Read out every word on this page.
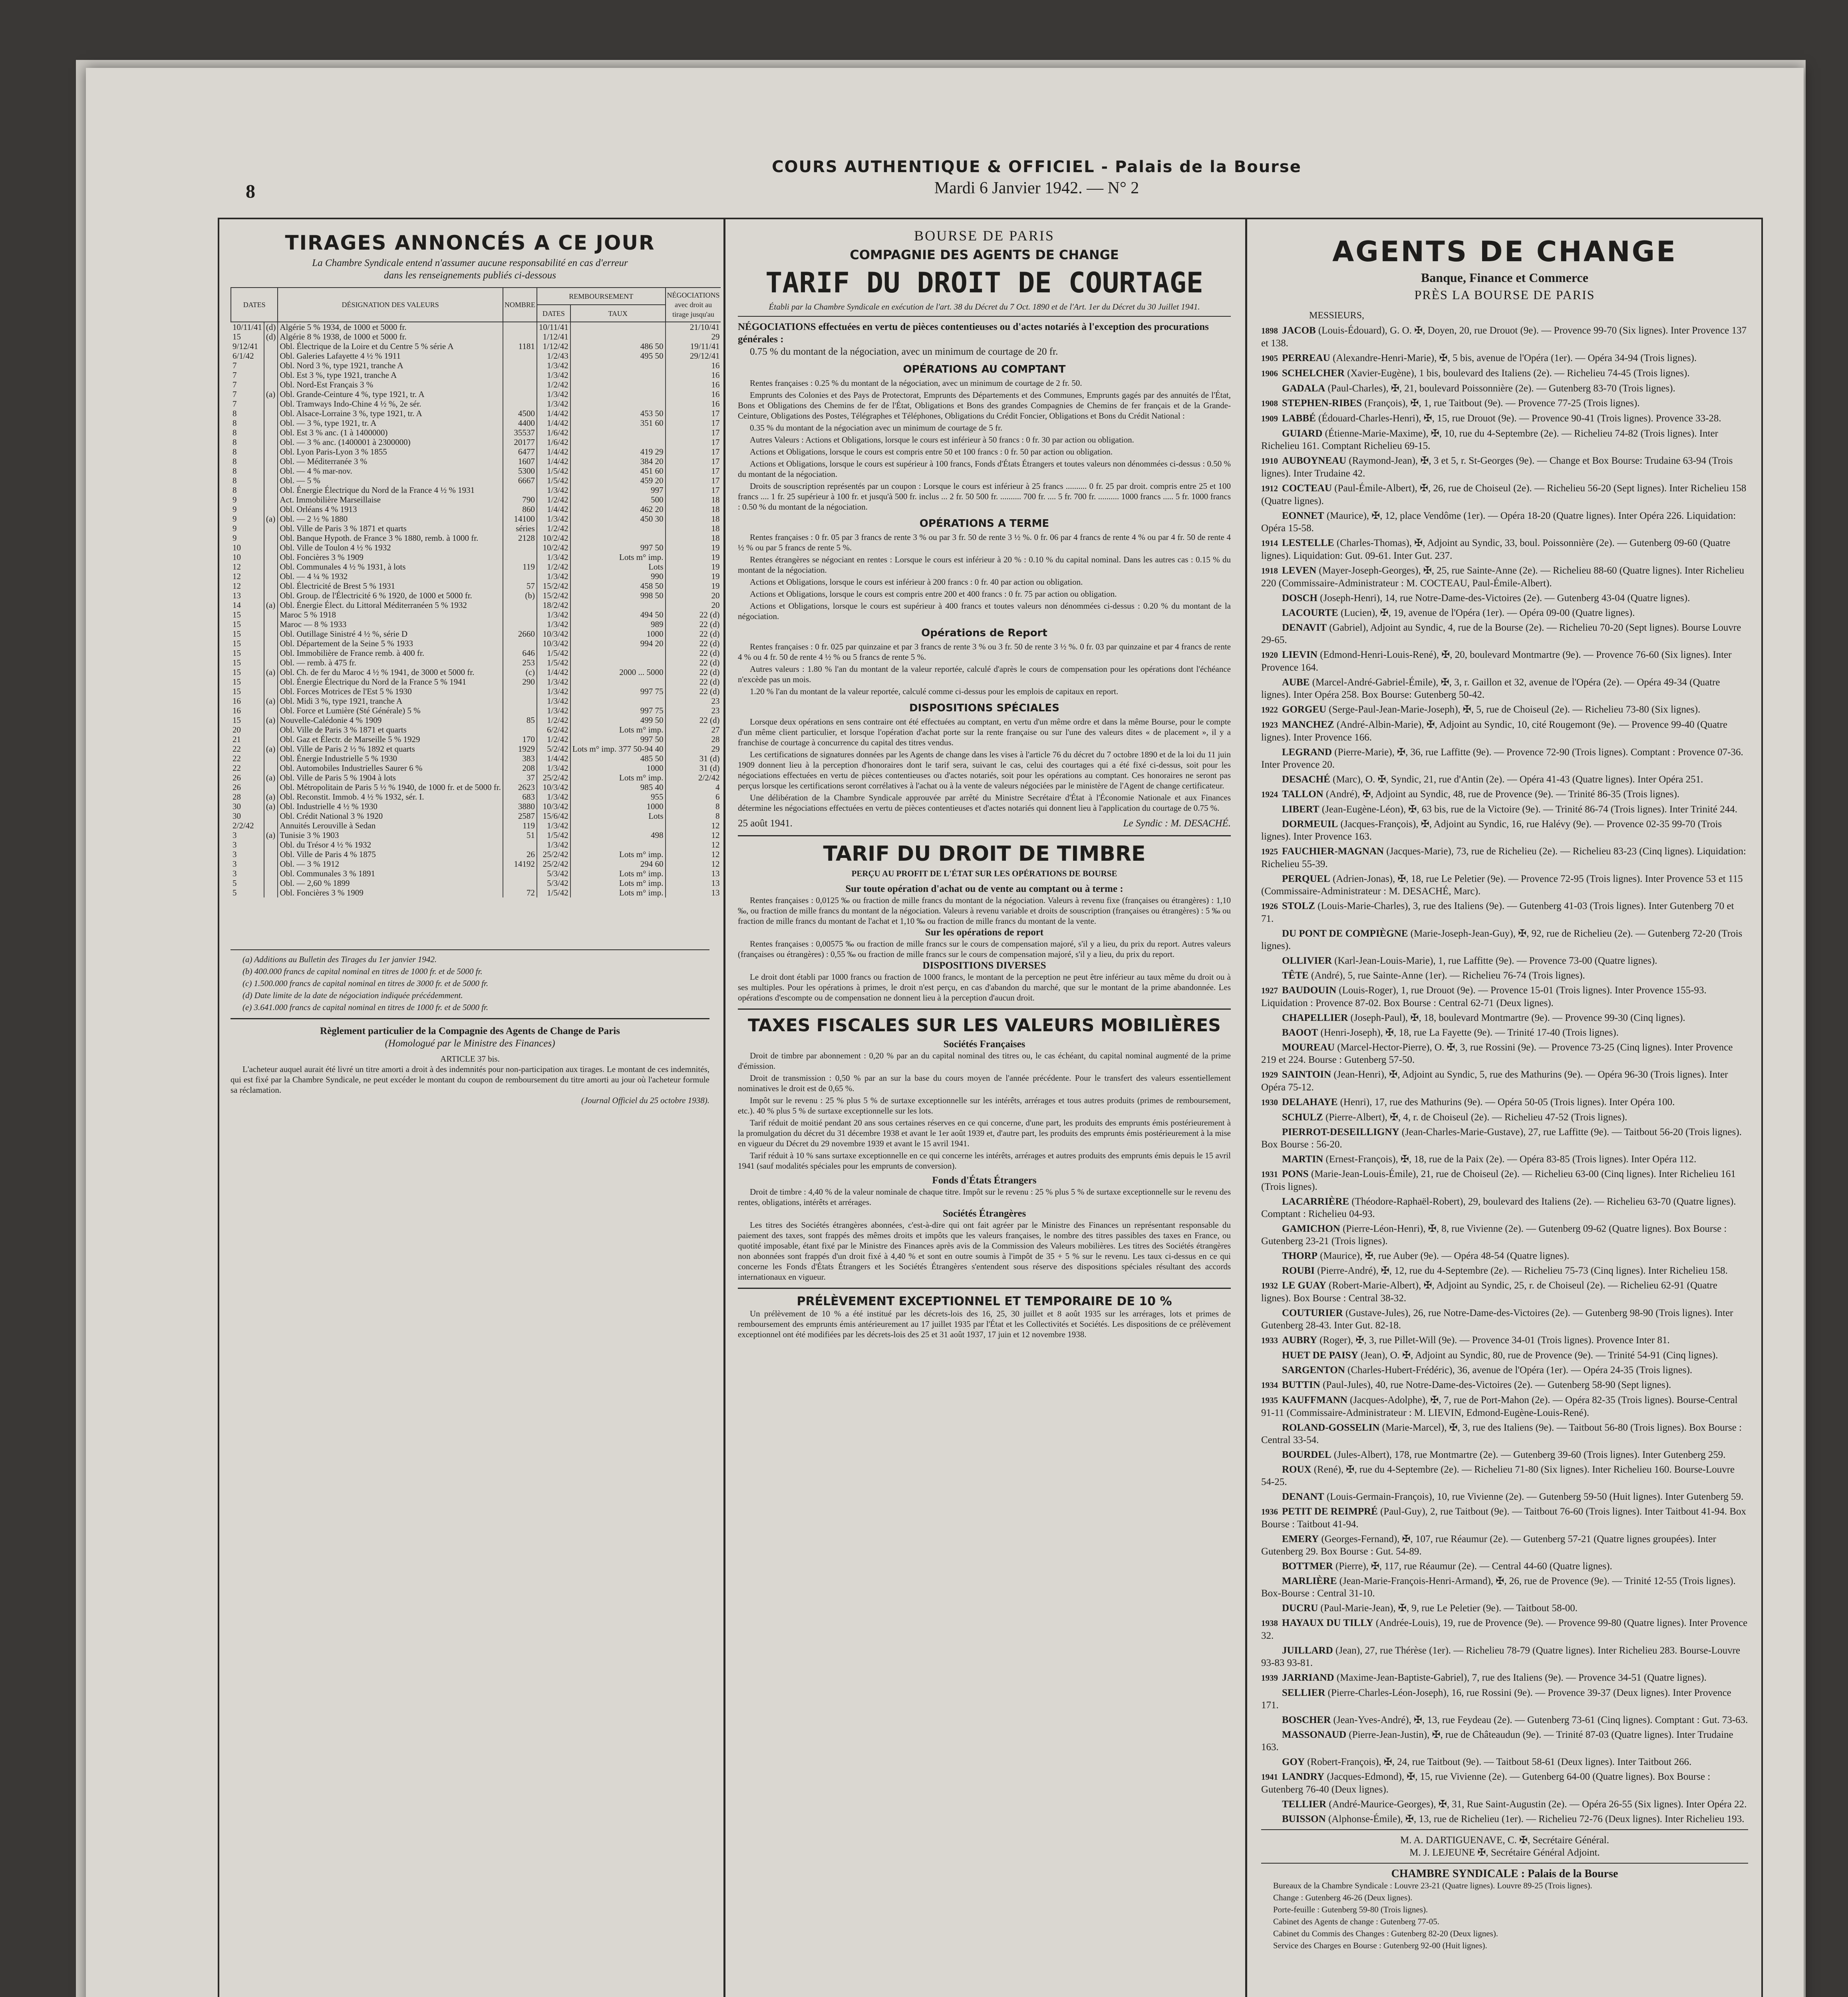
8
COURS AUTHENTIQUE & OFFICIEL - Palais de la Bourse
Mardi 6 Janvier 1942. — N° 2
TIRAGES ANNONCÉS A CE JOUR
La Chambre Syndicale entend n'assumer aucune responsabilité en cas d'erreur
dans les renseignements publiés ci-dessous
DATES		DÉSIGNATION DES VALEURS	NOMBRE	REMBOURSEMENT		NÉGOCIATIONS avec droit au tirage jusqu'au
				DATES	TAUX	
10/11/41	(d)	Algérie 5 % 1934, de 1000 et 5000 fr.		10/11/41		21/10/41
15	(d)	Algérie 8 % 1938, de 1000 et 5000 fr.		1/12/41		29
9/12/41		Obl. Électrique de la Loire et du Centre 5 % série A	1181	1/12/42	486 50	19/11/41
6/1/42		Obl. Galeries Lafayette 4 ½ % 1911		1/2/43	495 50	29/12/41
7		Obl. Nord 3 %, type 1921, tranche A		1/3/42		16
7		Obl. Est 3 %, type 1921, tranche A		1/3/42		16
7		Obl. Nord-Est Français 3 %		1/2/42		16
7	(a)	Obl. Grande-Ceinture 4 %, type 1921, tr. A		1/3/42		16
7		Obl. Tramways Indo-Chine 4 ½ %, 2e sér.		1/3/42		16
8		Obl. Alsace-Lorraine 3 %, type 1921, tr. A	4500	1/4/42	453 50	17
8		Obl. — 3 %, type 1921, tr. A	4400	1/4/42	351 60	17
8		Obl. Est 3 % anc. (1 à 1400000)	35537	1/6/42		17
8		Obl. — 3 % anc. (1400001 à 2300000)	20177	1/6/42		17
8		Obl. Lyon Paris-Lyon 3 % 1855	6477	1/4/42	419 29	17
8		Obl. — Méditerranée 3 %	1607	1/4/42	384 20	17
8		Obl. — 4 % mar-nov.	5300	1/5/42	451 60	17
8		Obl. — 5 %	6667	1/5/42	459 20	17
8		Obl. Énergie Électrique du Nord de la France 4 ½ % 1931		1/3/42	997	17
9		Act. Immobilière Marseillaise	790	1/2/42	500	18
9		Obl. Orléans 4 % 1913	860	1/4/42	462 20	18
9	(a)	Obl. — 2 ½ % 1880	14100	1/3/42	450 30	18
9		Obl. Ville de Paris 3 % 1871 et quarts	séries	1/2/42		18
9		Obl. Banque Hypoth. de France 3 % 1880, remb. à 1000 fr.	2128	10/2/42		18
10		Obl. Ville de Toulon 4 ½ % 1932		10/2/42	997 50	19
10		Obl. Foncières 3 % 1909		1/3/42	Lots m° imp.	19
12		Obl. Communales 4 ½ % 1931, à lots	119	1/2/42	Lots	19
12		Obl. — 4 ¼ % 1932		1/3/42	990	19
12		Obl. Électricité de Brest 5 % 1931	57	15/2/42	458 50	19
13		Obl. Group. de l'Électricité 6 % 1920, de 1000 et 5000 fr.	(b)	15/2/42	998 50	20
14	(a)	Obl. Énergie Élect. du Littoral Méditerranéen 5 % 1932		18/2/42		20
15		Maroc 5 % 1918		1/3/42	494 50	22 (d)
15		Maroc — 8 % 1933		1/3/42	989	22 (d)
15		Obl. Outillage Sinistré 4 ½ %, série D	2660	10/3/42	1000	22 (d)
15		Obl. Département de la Seine 5 % 1933		10/3/42	994 20	22 (d)
15		Obl. Immobilière de France remb. à 400 fr.	646	1/5/42		22 (d)
15		Obl. — remb. à 475 fr.	253	1/5/42		22 (d)
15	(a)	Obl. Ch. de fer du Maroc 4 ½ % 1941, de 3000 et 5000 fr.	(c)	1/4/42	2000 ... 5000	22 (d)
15		Obl. Énergie Électrique du Nord de la France 5 % 1941	290	1/3/42		22 (d)
15		Obl. Forces Motrices de l'Est 5 % 1930		1/3/42	997 75	22 (d)
16	(a)	Obl. Midi 3 %, type 1921, tranche A		1/3/42		23
16		Obl. Force et Lumière (Sté Générale) 5 %		1/3/42	997 75	23
15	(a)	Nouvelle-Calédonie 4 % 1909	85	1/2/42	499 50	22 (d)
20		Obl. Ville de Paris 3 % 1871 et quarts		6/2/42	Lots m° imp.	27
21		Obl. Gaz et Électr. de Marseille 5 % 1929	170	1/2/42	997 50	28
22	(a)	Obl. Ville de Paris 2 ½ % 1892 et quarts	1929	5/2/42	Lots m° imp. 377 50-94 40	29
22		Obl. Énergie Industrielle 5 % 1930	383	1/4/42	485 50	31 (d)
22		Obl. Automobiles Industrielles Saurer 6 %	208	1/3/42	1000	31 (d)
26	(a)	Obl. Ville de Paris 5 % 1904 à lots	37	25/2/42	Lots m° imp.	2/2/42
26		Obl. Métropolitain de Paris 5 ½ % 1940, de 1000 fr. et de 5000 fr.	2623	10/3/42	985 40	4
28	(a)	Obl. Reconstit. Immob. 4 ½ % 1932, sér. I.	683	1/3/42	955	6
30	(a)	Obl. Industrielle 4 ½ % 1930	3880	10/3/42	1000	8
30		Obl. Crédit National 3 % 1920	2587	15/6/42	Lots	8
2/2/42		Annuités Lerouville à Sedan	119	1/3/42		12
3	(a)	Tunisie 3 % 1903	51	1/5/42	498	12
3		Obl. du Trésor 4 ½ % 1932		1/3/42		12
3		Obl. Ville de Paris 4 % 1875	26	25/2/42	Lots m° imp.	12
3		Obl. — 3 % 1912	14192	25/2/42	294 60	12
3		Obl. Communales 3 % 1891		5/3/42	Lots m° imp.	13
5		Obl. — 2,60 % 1899		5/3/42	Lots m° imp.	13
5		Obl. Foncières 3 % 1909	72	1/5/42	Lots m° imp.	13

(a) Additions au Bulletin des Tirages du 1er janvier 1942.

(b) 400.000 francs de capital nominal en titres de 1000 fr. et de 5000 fr.

(c) 1.500.000 francs de capital nominal en titres de 3000 fr. et de 5000 fr.

(d) Date limite de la date de négociation indiquée précédemment.

(e) 3.641.000 francs de capital nominal en titres de 1000 fr. et de 5000 fr.

Règlement particulier de la Compagnie des Agents de Change de Paris
(Homologué par le Ministre des Finances)
ARTICLE 37 bis.

L'acheteur auquel aurait été livré un titre amorti a droit à des indemnités pour non-participation aux tirages. Le montant de ces indemnités, qui est fixé par la Chambre Syndicale, ne peut excéder le montant du coupon de remboursement du titre amorti au jour où l'acheteur formule sa réclamation.

(Journal Officiel du 25 octobre 1938).
BOURSE DE PARIS
COMPAGNIE DES AGENTS DE CHANGE
TARIF DU DROIT DE COURTAGE
Établi par la Chambre Syndicale en exécution de l'art. 38 du Décret du 7 Oct. 1890 et de l'Art. 1er du Décret du 30 Juillet 1941.
NÉGOCIATIONS effectuées en vertu de pièces contentieuses ou d'actes notariés à l'exception des procurations générales :
0.75 % du montant de la négociation, avec un minimum de courtage de 20 fr.
OPÉRATIONS AU COMPTANT

Rentes françaises : 0.25 % du montant de la négociation, avec un minimum de courtage de 2 fr. 50.

Emprunts des Colonies et des Pays de Protectorat, Emprunts des Départements et des Communes, Emprunts gagés par des annuités de l'État, Bons et Obligations des Chemins de fer de l'État, Obligations et Bons des grandes Compagnies de Chemins de fer français et de la Grande-Ceinture, Obligations des Postes, Télégraphes et Téléphones, Obligations du Crédit Foncier, Obligations et Bons du Crédit National :

0.35 % du montant de la négociation avec un minimum de courtage de 5 fr.

Autres Valeurs : Actions et Obligations, lorsque le cours est inférieur à 50 francs : 0 fr. 30 par action ou obligation.

Actions et Obligations, lorsque le cours est compris entre 50 et 100 francs : 0 fr. 50 par action ou obligation.

Actions et Obligations, lorsque le cours est supérieur à 100 francs, Fonds d'États Étrangers et toutes valeurs non dénommées ci-dessus : 0.50 % du montant de la négociation.

Droits de souscription représentés par un coupon : Lorsque le cours est inférieur à 25 francs .......... 0 fr. 25 par droit. compris entre 25 et 100 francs .... 1 fr. 25 supérieur à 100 fr. et jusqu'à 500 fr. inclus ... 2 fr. 50 500 fr. .......... 700 fr. .... 5 fr. 700 fr. .......... 1000 francs ..... 5 fr. 1000 francs : 0.50 % du montant de la négociation.

OPÉRATIONS A TERME

Rentes françaises : 0 fr. 05 par 3 francs de rente 3 % ou par 3 fr. 50 de rente 3 ½ %. 0 fr. 06 par 4 francs de rente 4 % ou par 4 fr. 50 de rente 4 ½ % ou par 5 francs de rente 5 %.

Rentes étrangères se négociant en rentes : Lorsque le cours est inférieur à 20 % : 0.10 % du capital nominal. Dans les autres cas : 0.15 % du montant de la négociation.

Actions et Obligations, lorsque le cours est inférieur à 200 francs : 0 fr. 40 par action ou obligation.

Actions et Obligations, lorsque le cours est compris entre 200 et 400 francs : 0 fr. 75 par action ou obligation.

Actions et Obligations, lorsque le cours est supérieur à 400 francs et toutes valeurs non dénommées ci-dessus : 0.20 % du montant de la négociation.

Opérations de Report

Rentes françaises : 0 fr. 025 par quinzaine et par 3 francs de rente 3 % ou 3 fr. 50 de rente 3 ½ %. 0 fr. 03 par quinzaine et par 4 francs de rente 4 % ou 4 fr. 50 de rente 4 ½ % ou 5 francs de rente 5 %.

Autres valeurs : 1.80 % l'an du montant de la valeur reportée, calculé d'après le cours de compensation pour les opérations dont l'échéance n'excède pas un mois.

1.20 % l'an du montant de la valeur reportée, calculé comme ci-dessus pour les emplois de capitaux en report.

DISPOSITIONS SPÉCIALES

Lorsque deux opérations en sens contraire ont été effectuées au comptant, en vertu d'un même ordre et dans la même Bourse, pour le compte d'un même client particulier, et lorsque l'opération d'achat porte sur la rente française ou sur l'une des valeurs dites « de placement », il y a franchise de courtage à concurrence du capital des titres vendus.

Les certifications de signatures données par les Agents de change dans les vises à l'article 76 du décret du 7 octobre 1890 et de la loi du 11 juin 1909 donnent lieu à la perception d'honoraires dont le tarif sera, suivant le cas, celui des courtages qui a été fixé ci-dessus, soit pour les négociations effectuées en vertu de pièces contentieuses ou d'actes notariés, soit pour les opérations au comptant. Ces honoraires ne seront pas perçus lorsque les certifications seront corrélatives à l'achat ou à la vente de valeurs négociées par le ministère de l'Agent de change certificateur.

Une délibération de la Chambre Syndicale approuvée par arrêté du Ministre Secrétaire d'État à l'Économie Nationale et aux Finances détermine les négociations effectuées en vertu de pièces contentieuses et d'actes notariés qui donnent lieu à l'application du courtage de 0.75 %.

25 août 1941.	Le Syndic : M. DESACHÉ.
TARIF DU DROIT DE TIMBRE
PERÇU AU PROFIT DE L'ÉTAT SUR LES OPÉRATIONS DE BOURSE
Sur toute opération d'achat ou de vente au comptant ou à terme :

Rentes françaises : 0,0125 ‰ ou fraction de mille francs du montant de la négociation. Valeurs à revenu fixe (françaises ou étrangères) : 1,10 ‰, ou fraction de mille francs du montant de la négociation. Valeurs à revenu variable et droits de souscription (françaises ou étrangères) : 5 ‰ ou fraction de mille francs du montant de l'achat et 1,10 ‰ ou fraction de mille francs du montant de la vente.

Sur les opérations de report

Rentes françaises : 0,00575 ‰ ou fraction de mille francs sur le cours de compensation majoré, s'il y a lieu, du prix du report. Autres valeurs (françaises ou étrangères) : 0,55 ‰ ou fraction de mille francs sur le cours de compensation majoré, s'il y a lieu, du prix du report.

DISPOSITIONS DIVERSES

Le droit dont établi par 1000 francs ou fraction de 1000 francs, le montant de la perception ne peut être inférieur au taux même du droit ou à ses multiples. Pour les opérations à primes, le droit n'est perçu, en cas d'abandon du marché, que sur le montant de la prime abandonnée. Les opérations d'escompte ou de compensation ne donnent lieu à la perception d'aucun droit.

TAXES FISCALES SUR LES VALEURS MOBILIÈRES
Sociétés Françaises

Droit de timbre par abonnement : 0,20 % par an du capital nominal des titres ou, le cas échéant, du capital nominal augmenté de la prime d'émission.

Droit de transmission : 0,50 % par an sur la base du cours moyen de l'année précédente. Pour le transfert des valeurs essentiellement nominatives le droit est de 0,65 %.

Impôt sur le revenu : 25 % plus 5 % de surtaxe exceptionnelle sur les intérêts, arrérages et tous autres produits (primes de remboursement, etc.). 40 % plus 5 % de surtaxe exceptionnelle sur les lots.

Tarif réduit de moitié pendant 20 ans sous certaines réserves en ce qui concerne, d'une part, les produits des emprunts émis postérieurement à la promulgation du décret du 31 décembre 1938 et avant le 1er août 1939 et, d'autre part, les produits des emprunts émis postérieurement à la mise en vigueur du Décret du 29 novembre 1939 et avant le 15 avril 1941.

Tarif réduit à 10 % sans surtaxe exceptionnelle en ce qui concerne les intérêts, arrérages et autres produits des emprunts émis depuis le 15 avril 1941 (sauf modalités spéciales pour les emprunts de conversion).

Fonds d'États Étrangers

Droit de timbre : 4,40 % de la valeur nominale de chaque titre. Impôt sur le revenu : 25 % plus 5 % de surtaxe exceptionnelle sur le revenu des rentes, obligations, intérêts et arrérages.

Sociétés Étrangères

Les titres des Sociétés étrangères abonnées, c'est-à-dire qui ont fait agréer par le Ministre des Finances un représentant responsable du paiement des taxes, sont frappés des mêmes droits et impôts que les valeurs françaises, le nombre des titres passibles des taxes en France, ou quotité imposable, étant fixé par le Ministre des Finances après avis de la Commission des Valeurs mobilières. Les titres des Sociétés étrangères non abonnées sont frappés d'un droit fixé à 4,40 % et sont en outre soumis à l'impôt de 35 + 5 % sur le revenu. Les taux ci-dessus en ce qui concerne les Fonds d'États Étrangers et les Sociétés Étrangères s'entendent sous réserve des dispositions spéciales résultant des accords internationaux en vigueur.

PRÉLÈVEMENT EXCEPTIONNEL ET TEMPORAIRE DE 10 %

Un prélèvement de 10 % a été institué par les décrets-lois des 16, 25, 30 juillet et 8 août 1935 sur les arrérages, lots et primes de remboursement des emprunts émis antérieurement au 17 juillet 1935 par l'État et les Collectivités et Sociétés. Les dispositions de ce prélèvement exceptionnel ont été modifiées par les décrets-lois des 25 et 31 août 1937, 17 juin et 12 novembre 1938.

AGENTS DE CHANGE
Banque, Finance et Commerce
PRÈS LA BOURSE DE PARIS
MESSIEURS,
1898 JACOB (Louis-Édouard), G. O. ✠, Doyen, 20, rue Drouot (9e). — Provence 99-70 (Six lignes). Inter Provence 137 et 138.
1905 PERREAU (Alexandre-Henri-Marie), ✠, 5 bis, avenue de l'Opéra (1er). — Opéra 34-94 (Trois lignes).
1906 SCHELCHER (Xavier-Eugène), 1 bis, boulevard des Italiens (2e). — Richelieu 74-45 (Trois lignes).
GADALA (Paul-Charles), ✠, 21, boulevard Poissonnière (2e). — Gutenberg 83-70 (Trois lignes).
1908 STEPHEN-RIBES (François), ✠, 1, rue Taitbout (9e). — Provence 77-25 (Trois lignes).
1909 LABBÉ (Édouard-Charles-Henri), ✠, 15, rue Drouot (9e). — Provence 90-41 (Trois lignes). Provence 33-28.
GUIARD (Étienne-Marie-Maxime), ✠, 10, rue du 4-Septembre (2e). — Richelieu 74-82 (Trois lignes). Inter Richelieu 161. Comptant Richelieu 69-15.
1910 AUBOYNEAU (Raymond-Jean), ✠, 3 et 5, r. St-Georges (9e). — Change et Box Bourse: Trudaine 63-94 (Trois lignes). Inter Trudaine 42.
1912 COCTEAU (Paul-Émile-Albert), ✠, 26, rue de Choiseul (2e). — Richelieu 56-20 (Sept lignes). Inter Richelieu 158 (Quatre lignes).
EONNET (Maurice), ✠, 12, place Vendôme (1er). — Opéra 18-20 (Quatre lignes). Inter Opéra 226. Liquidation: Opéra 15-58.
1914 LESTELLE (Charles-Thomas), ✠, Adjoint au Syndic, 33, boul. Poissonnière (2e). — Gutenberg 09-60 (Quatre lignes). Liquidation: Gut. 09-61. Inter Gut. 237.
1918 LEVEN (Mayer-Joseph-Georges), ✠, 25, rue Sainte-Anne (2e). — Richelieu 88-60 (Quatre lignes). Inter Richelieu 220 (Commissaire-Administrateur : M. COCTEAU, Paul-Émile-Albert).
DOSCH (Joseph-Henri), 14, rue Notre-Dame-des-Victoires (2e). — Gutenberg 43-04 (Quatre lignes).
LACOURTE (Lucien), ✠, 19, avenue de l'Opéra (1er). — Opéra 09-00 (Quatre lignes).
DENAVIT (Gabriel), Adjoint au Syndic, 4, rue de la Bourse (2e). — Richelieu 70-20 (Sept lignes). Bourse Louvre 29-65.
1920 LIEVIN (Edmond-Henri-Louis-René), ✠, 20, boulevard Montmartre (9e). — Provence 76-60 (Six lignes). Inter Provence 164.
AUBE (Marcel-André-Gabriel-Émile), ✠, 3, r. Gaillon et 32, avenue de l'Opéra (2e). — Opéra 49-34 (Quatre lignes). Inter Opéra 258. Box Bourse: Gutenberg 50-42.
1922 GORGEU (Serge-Paul-Jean-Marie-Joseph), ✠, 5, rue de Choiseul (2e). — Richelieu 73-80 (Six lignes).
1923 MANCHEZ (André-Albin-Marie), ✠, Adjoint au Syndic, 10, cité Rougemont (9e). — Provence 99-40 (Quatre lignes). Inter Provence 166.
LEGRAND (Pierre-Marie), ✠, 36, rue Laffitte (9e). — Provence 72-90 (Trois lignes). Comptant : Provence 07-36. Inter Provence 20.
DESACHÉ (Marc), O. ✠, Syndic, 21, rue d'Antin (2e). — Opéra 41-43 (Quatre lignes). Inter Opéra 251.
1924 TALLON (André), ✠, Adjoint au Syndic, 48, rue de Provence (9e). — Trinité 86-35 (Trois lignes).
LIBERT (Jean-Eugène-Léon), ✠, 63 bis, rue de la Victoire (9e). — Trinité 86-74 (Trois lignes). Inter Trinité 244.
DORMEUIL (Jacques-François), ✠, Adjoint au Syndic, 16, rue Halévy (9e). — Provence 02-35 99-70 (Trois lignes). Inter Provence 163.
1925 FAUCHIER-MAGNAN (Jacques-Marie), 73, rue de Richelieu (2e). — Richelieu 83-23 (Cinq lignes). Liquidation: Richelieu 55-39.
PERQUEL (Adrien-Jonas), ✠, 18, rue Le Peletier (9e). — Provence 72-95 (Trois lignes). Inter Provence 53 et 115 (Commissaire-Administrateur : M. DESACHÉ, Marc).
1926 STOLZ (Louis-Marie-Charles), 3, rue des Italiens (9e). — Gutenberg 41-03 (Trois lignes). Inter Gutenberg 70 et 71.
DU PONT DE COMPIÈGNE (Marie-Joseph-Jean-Guy), ✠, 92, rue de Richelieu (2e). — Gutenberg 72-20 (Trois lignes).
OLLIVIER (Karl-Jean-Louis-Marie), 1, rue Laffitte (9e). — Provence 73-00 (Quatre lignes).
TÊTE (André), 5, rue Sainte-Anne (1er). — Richelieu 76-74 (Trois lignes).
1927 BAUDOUIN (Louis-Roger), 1, rue Drouot (9e). — Provence 15-01 (Trois lignes). Inter Provence 155-93. Liquidation : Provence 87-02. Box Bourse : Central 62-71 (Deux lignes).
CHAPELLIER (Joseph-Paul), ✠, 18, boulevard Montmartre (9e). — Provence 99-30 (Cinq lignes).
BAOOT (Henri-Joseph), ✠, 18, rue La Fayette (9e). — Trinité 17-40 (Trois lignes).
MOUREAU (Marcel-Hector-Pierre), O. ✠, 3, rue Rossini (9e). — Provence 73-25 (Cinq lignes). Inter Provence 219 et 224. Bourse : Gutenberg 57-50.
1929 SAINTOIN (Jean-Henri), ✠, Adjoint au Syndic, 5, rue des Mathurins (9e). — Opéra 96-30 (Trois lignes). Inter Opéra 75-12.
1930 DELAHAYE (Henri), 17, rue des Mathurins (9e). — Opéra 50-05 (Trois lignes). Inter Opéra 100.
SCHULZ (Pierre-Albert), ✠, 4, r. de Choiseul (2e). — Richelieu 47-52 (Trois lignes).
PIERROT-DESEILLIGNY (Jean-Charles-Marie-Gustave), 27, rue Laffitte (9e). — Taitbout 56-20 (Trois lignes). Box Bourse : 56-20.
MARTIN (Ernest-François), ✠, 18, rue de la Paix (2e). — Opéra 83-85 (Trois lignes). Inter Opéra 112.
1931 PONS (Marie-Jean-Louis-Émile), 21, rue de Choiseul (2e). — Richelieu 63-00 (Cinq lignes). Inter Richelieu 161 (Trois lignes).
LACARRIÈRE (Théodore-Raphaël-Robert), 29, boulevard des Italiens (2e). — Richelieu 63-70 (Quatre lignes). Comptant : Richelieu 04-93.
GAMICHON (Pierre-Léon-Henri), ✠, 8, rue Vivienne (2e). — Gutenberg 09-62 (Quatre lignes). Box Bourse : Gutenberg 23-21 (Trois lignes).
THORP (Maurice), ✠, rue Auber (9e). — Opéra 48-54 (Quatre lignes).
ROUBI (Pierre-André), ✠, 12, rue du 4-Septembre (2e). — Richelieu 75-73 (Cinq lignes). Inter Richelieu 158.
1932 LE GUAY (Robert-Marie-Albert), ✠, Adjoint au Syndic, 25, r. de Choiseul (2e). — Richelieu 62-91 (Quatre lignes). Box Bourse : Central 38-32.
COUTURIER (Gustave-Jules), 26, rue Notre-Dame-des-Victoires (2e). — Gutenberg 98-90 (Trois lignes). Inter Gutenberg 28-43. Inter Gut. 82-18.
1933 AUBRY (Roger), ✠, 3, rue Pillet-Will (9e). — Provence 34-01 (Trois lignes). Provence Inter 81.
HUET DE PAISY (Jean), O. ✠, Adjoint au Syndic, 80, rue de Provence (9e). — Trinité 54-91 (Cinq lignes).
SARGENTON (Charles-Hubert-Frédéric), 36, avenue de l'Opéra (1er). — Opéra 24-35 (Trois lignes).
1934 BUTTIN (Paul-Jules), 40, rue Notre-Dame-des-Victoires (2e). — Gutenberg 58-90 (Sept lignes).
1935 KAUFFMANN (Jacques-Adolphe), ✠, 7, rue de Port-Mahon (2e). — Opéra 82-35 (Trois lignes). Bourse-Central 91-11 (Commissaire-Administrateur : M. LIEVIN, Edmond-Eugène-Louis-René).
ROLAND-GOSSELIN (Marie-Marcel), ✠, 3, rue des Italiens (9e). — Taitbout 56-80 (Trois lignes). Box Bourse : Central 33-54.
BOURDEL (Jules-Albert), 178, rue Montmartre (2e). — Gutenberg 39-60 (Trois lignes). Inter Gutenberg 259.
ROUX (René), ✠, rue du 4-Septembre (2e). — Richelieu 71-80 (Six lignes). Inter Richelieu 160. Bourse-Louvre 54-25.
DENANT (Louis-Germain-François), 10, rue Vivienne (2e). — Gutenberg 59-50 (Huit lignes). Inter Gutenberg 59.
1936 PETIT DE REIMPRÉ (Paul-Guy), 2, rue Taitbout (9e). — Taitbout 76-60 (Trois lignes). Inter Taitbout 41-94. Box Bourse : Taitbout 41-94.
EMERY (Georges-Fernand), ✠, 107, rue Réaumur (2e). — Gutenberg 57-21 (Quatre lignes groupées). Inter Gutenberg 29. Box Bourse : Gut. 54-89.
BOTTMER (Pierre), ✠, 117, rue Réaumur (2e). — Central 44-60 (Quatre lignes).
MARLIÈRE (Jean-Marie-François-Henri-Armand), ✠, 26, rue de Provence (9e). — Trinité 12-55 (Trois lignes). Box-Bourse : Central 31-10.
DUCRU (Paul-Marie-Jean), ✠, 9, rue Le Peletier (9e). — Taitbout 58-00.
1938 HAYAUX DU TILLY (Andrée-Louis), 19, rue de Provence (9e). — Provence 99-80 (Quatre lignes). Inter Provence 32.
JUILLARD (Jean), 27, rue Thérèse (1er). — Richelieu 78-79 (Quatre lignes). Inter Richelieu 283. Bourse-Louvre 93-83 93-81.
1939 JARRIAND (Maxime-Jean-Baptiste-Gabriel), 7, rue des Italiens (9e). — Provence 34-51 (Quatre lignes).
SELLIER (Pierre-Charles-Léon-Joseph), 16, rue Rossini (9e). — Provence 39-37 (Deux lignes). Inter Provence 171.
BOSCHER (Jean-Yves-André), ✠, 13, rue Feydeau (2e). — Gutenberg 73-61 (Cinq lignes). Comptant : Gut. 73-63.
MASSONAUD (Pierre-Jean-Justin), ✠, rue de Châteaudun (9e). — Trinité 87-03 (Quatre lignes). Inter Trudaine 163.
GOY (Robert-François), ✠, 24, rue Taitbout (9e). — Taitbout 58-61 (Deux lignes). Inter Taitbout 266.
1941 LANDRY (Jacques-Edmond), ✠, 15, rue Vivienne (2e). — Gutenberg 64-00 (Quatre lignes). Box Bourse : Gutenberg 76-40 (Deux lignes).
TELLIER (André-Maurice-Georges), ✠, 31, Rue Saint-Augustin (2e). — Opéra 26-55 (Six lignes). Inter Opéra 22.
BUISSON (Alphonse-Émile), ✠, 13, rue de Richelieu (1er). — Richelieu 72-76 (Deux lignes). Inter Richelieu 193.
M. A. DARTIGUENAVE, C. ✠, Secrétaire Général.
M. J. LEJEUNE ✠, Secrétaire Général Adjoint.
CHAMBRE SYNDICALE : Palais de la Bourse

Bureaux de la Chambre Syndicale : Louvre 23-21 (Quatre lignes). Louvre 89-25 (Trois lignes).

Change : Gutenberg 46-26 (Deux lignes).

Porte-feuille : Gutenberg 59-80 (Trois lignes).

Cabinet des Agents de change : Gutenberg 77-05.

Cabinet du Commis des Changes : Gutenberg 82-20 (Deux lignes).

Service des Charges en Bourse : Gutenberg 92-00 (Huit lignes).
